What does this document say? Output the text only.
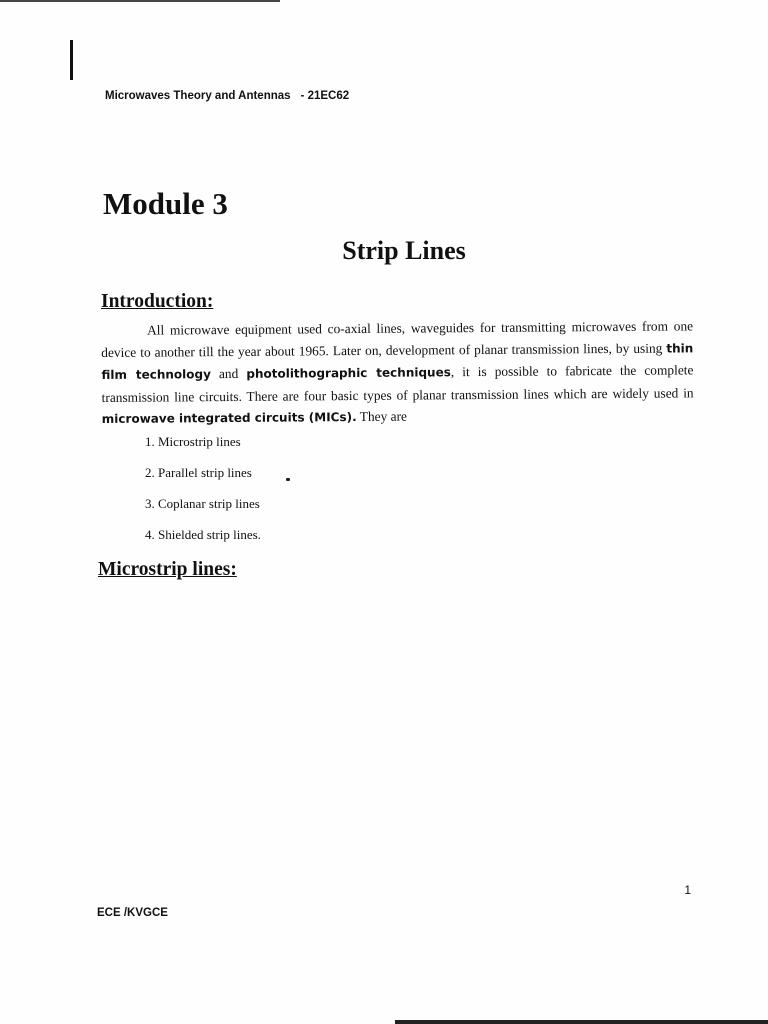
Microwaves Theory and Antennas - 21EC62
Module 3
Strip Lines
Introduction:

All microwave equipment used co-axial lines, waveguides for transmitting microwaves from one device to another till the year about 1965. Later on, development of planar transmission lines, by using thin film technology and photolithographic techniques, it is possible to fabricate the complete transmission line circuits. There are four basic types of planar transmission lines which are widely used in microwave integrated circuits (MICs). They are

1. Microstrip lines
2. Parallel strip lines
3. Coplanar strip lines
4. Shielded strip lines.
Microstrip lines:
1
ECE /KVGCE
